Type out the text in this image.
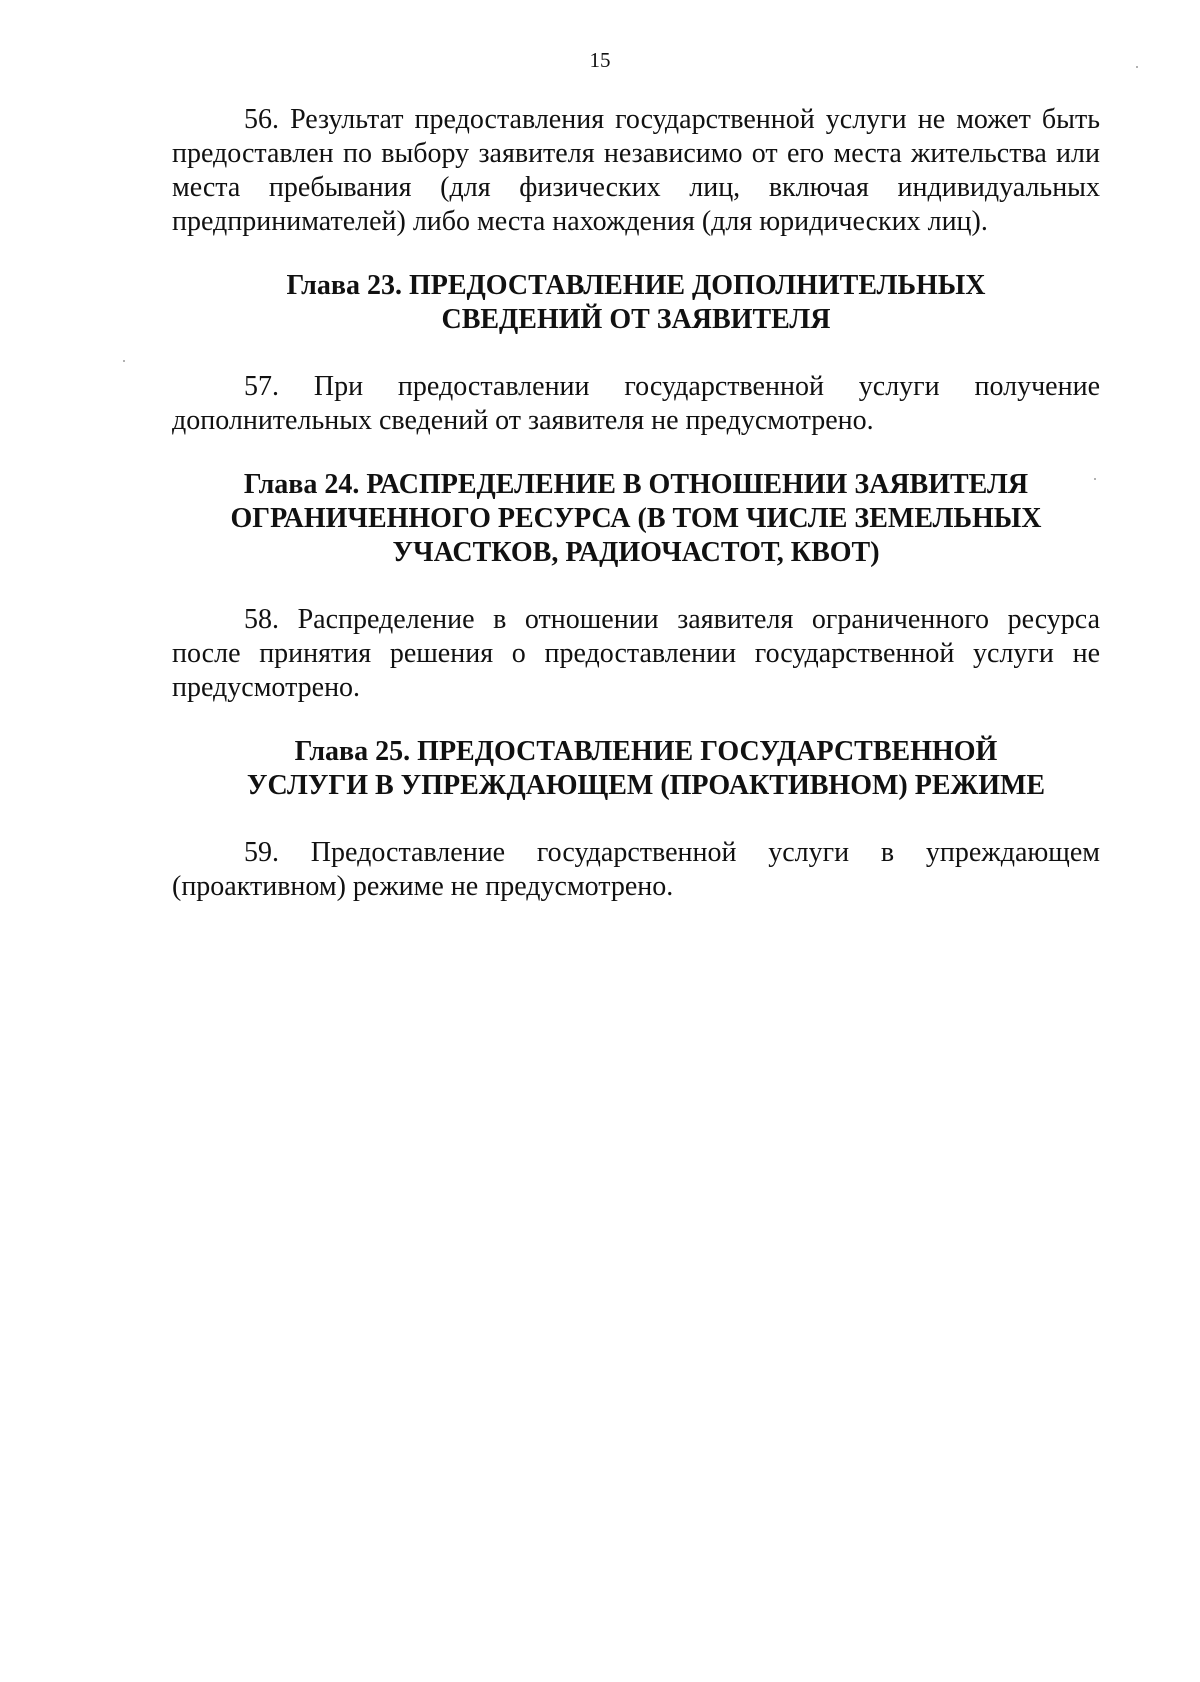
15

56. Результат предоставления государственной услуги не может быть предоставлен по выбору заявителя независимо от его места жительства или места пребывания (для физических лиц, включая индивидуальных предпринимателей) либо места нахождения (для юридических лиц).

Глава 23. ПРЕДОСТАВЛЕНИЕ ДОПОЛНИТЕЛЬНЫХ СВЕДЕНИЙ ОТ ЗАЯВИТЕЛЯ

57. При предоставлении государственной услуги получение дополнительных сведений от заявителя не предусмотрено.

Глава 24. РАСПРЕДЕЛЕНИЕ В ОТНОШЕНИИ ЗАЯВИТЕЛЯ ОГРАНИЧЕННОГО РЕСУРСА (В ТОМ ЧИСЛЕ ЗЕМЕЛЬНЫХ УЧАСТКОВ, РАДИОЧАСТОТ, КВОТ)

58. Распределение в отношении заявителя ограниченного ресурса после принятия решения о предоставлении государственной услуги не предусмотрено.

Глава 25. ПРЕДОСТАВЛЕНИЕ ГОСУДАРСТВЕННОЙ УСЛУГИ В УПРЕЖДАЮЩЕМ (ПРОАКТИВНОМ) РЕЖИМЕ

59. Предоставление государственной услуги в упреждающем (проактивном) режиме не предусмотрено.
